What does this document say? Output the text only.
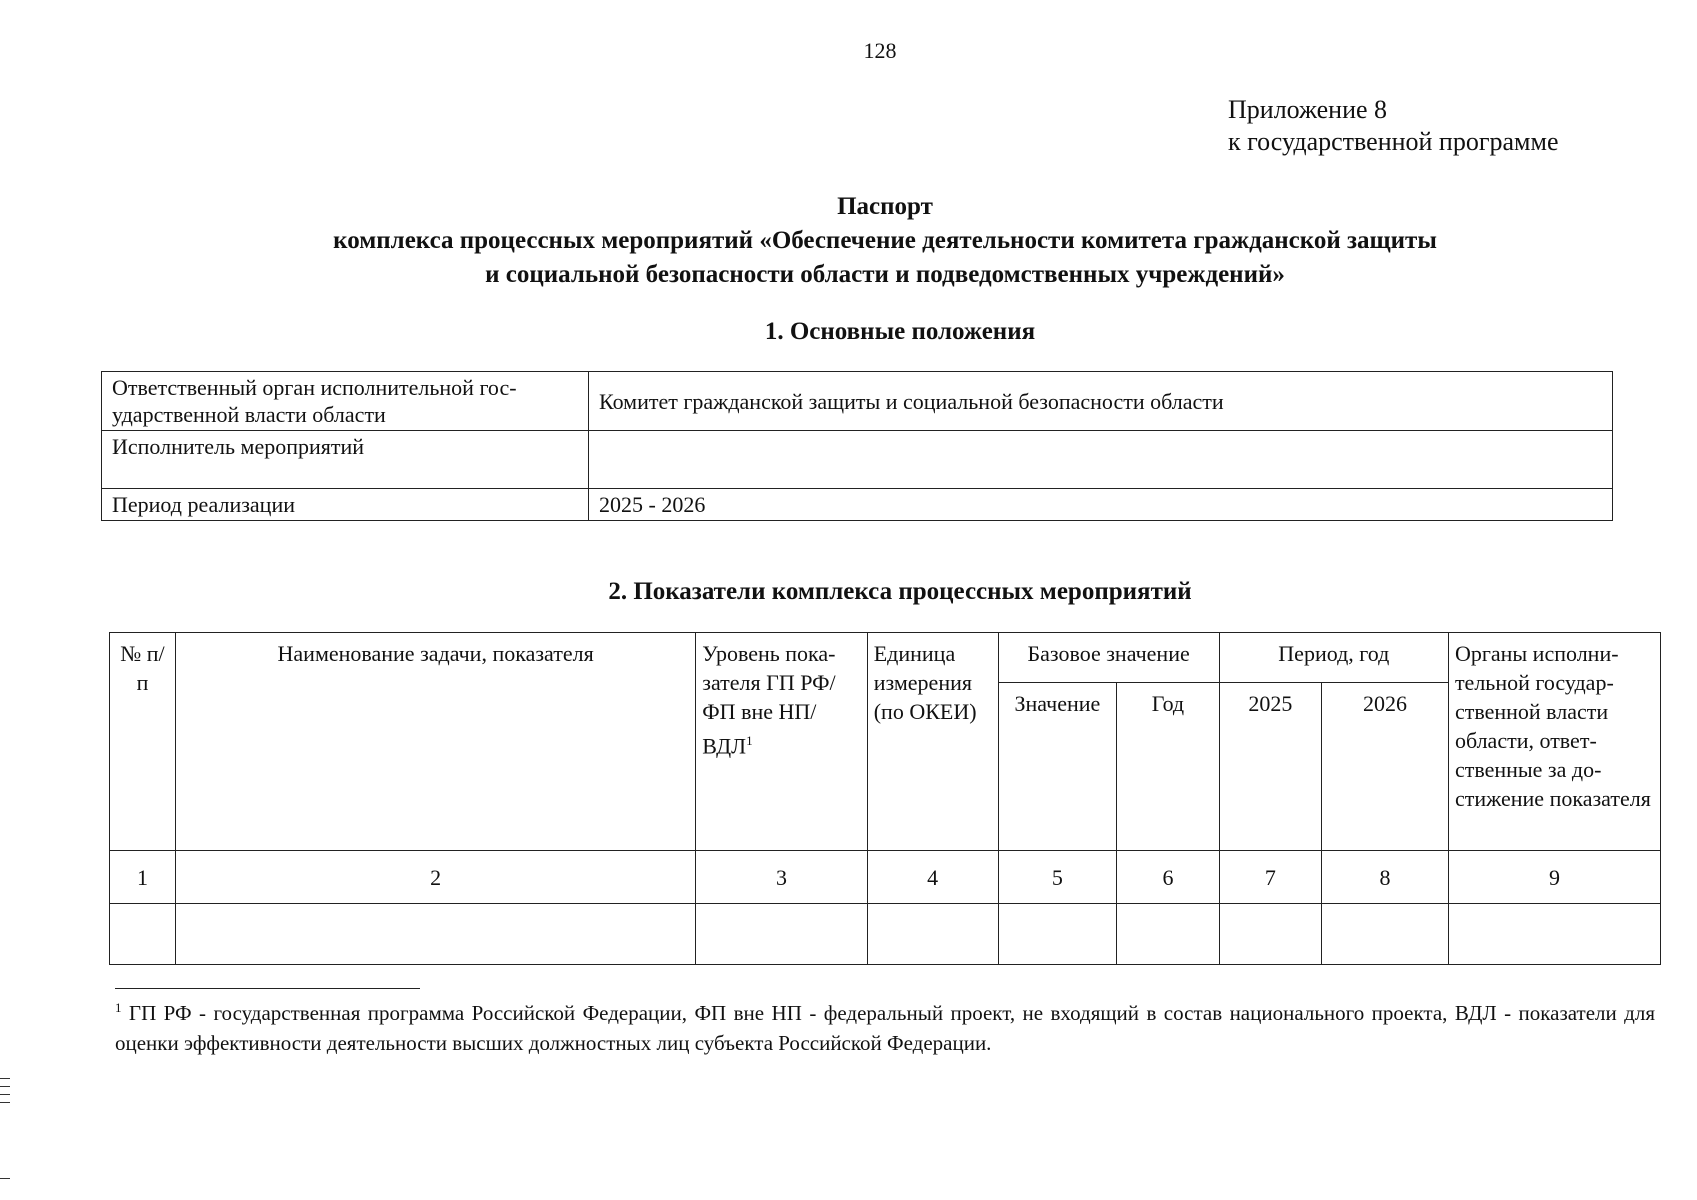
128
Приложение 8
к государственной программе
Паспорт
комплекса процессных мероприятий «Обеспечение деятельности комитета гражданской защиты
и социальной безопасности области и подведомственных учреждений»
1. Основные положения
Ответственный орган исполнительной государственной власти области	Комитет гражданской защиты и социальной безопасности области
Исполнитель мероприятий	
Период реализации	2025 - 2026
2. Показатели комплекса процессных мероприятий
№ п/п	Наименование задачи, показателя	Уровень показателя ГП РФ/ФП вне НП/ВДЛ$^1$	Единица измерения (по ОКЕИ)	Базовое значение		Период, год		Органы исполнительной государственной власти области, ответственные за достижение показателя
				Значение	Год	2025	2026	
1	2	3	4	5	6	7	8	9

$^1$ ГП РФ - государственная программа Российской Федерации, ФП вне НП - федеральный проект, не входящий в состав национального проекта, ВДЛ - показатели для оценки эффективности деятельности высших должностных лиц субъекта Российской Федерации.
